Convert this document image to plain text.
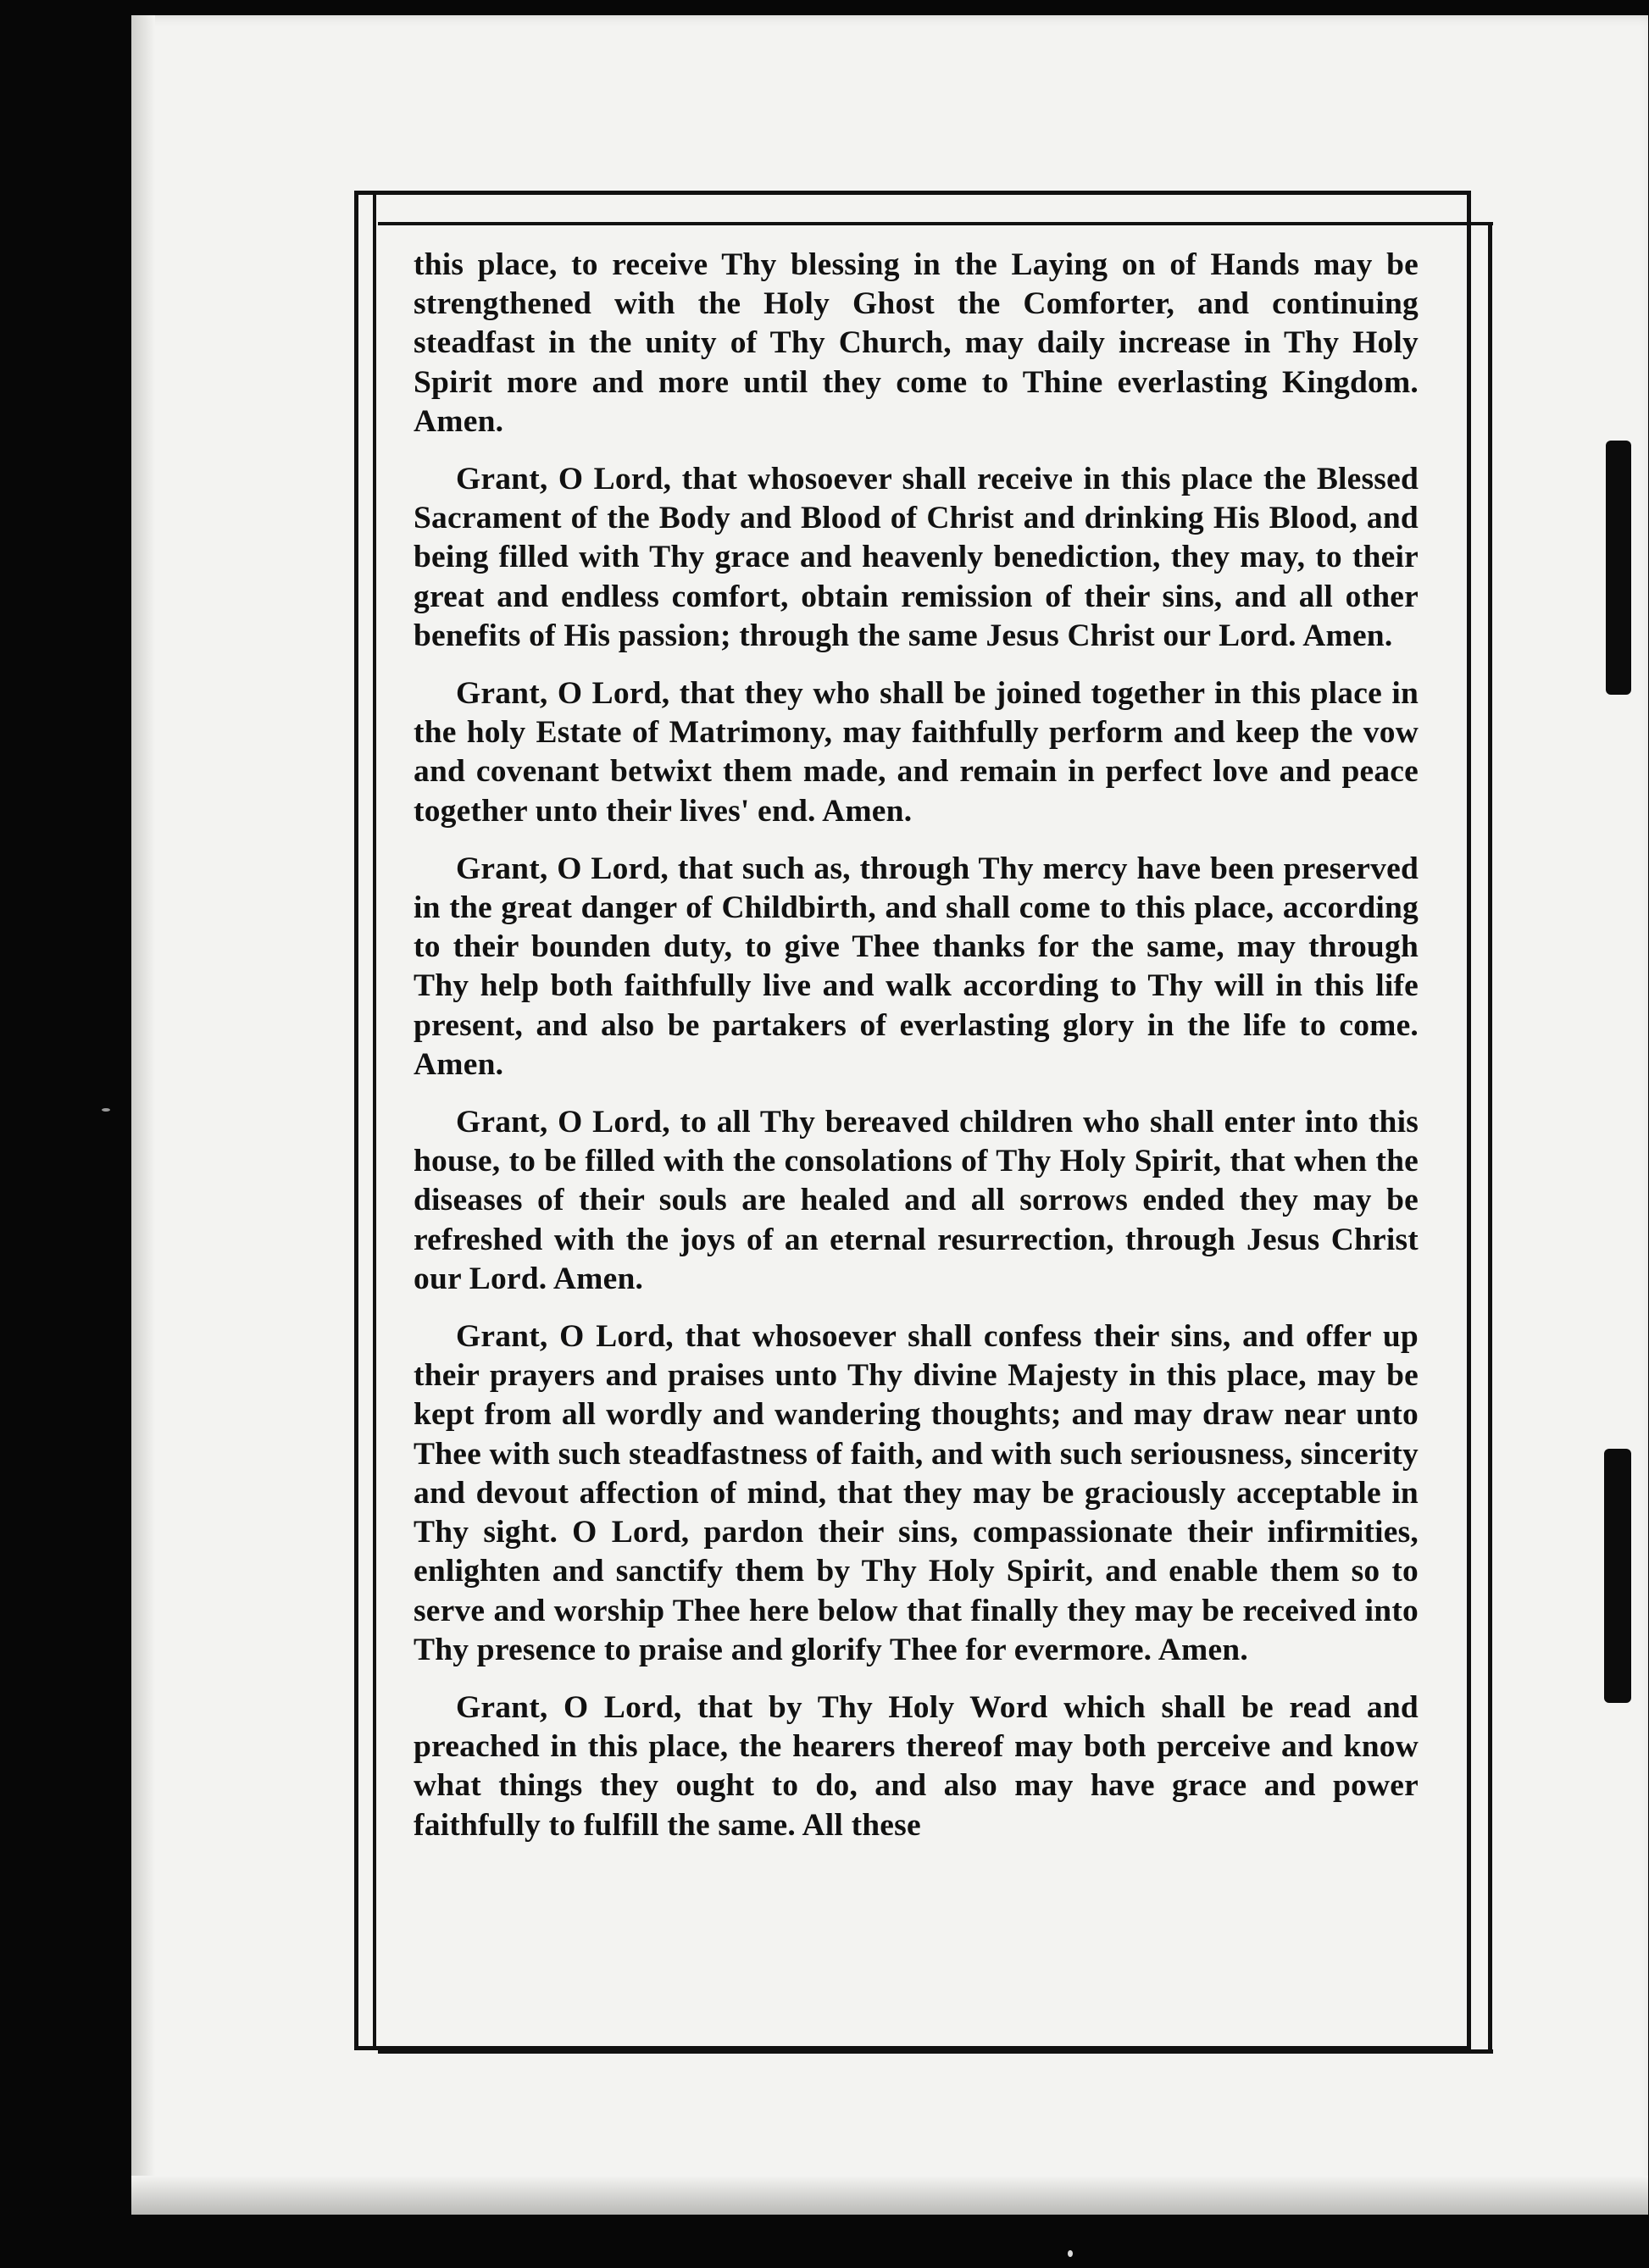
this place, to receive Thy blessing in the Laying on of Hands may be strengthened with the Holy Ghost the Comforter, and continuing steadfast in the unity of Thy Church, may daily increase in Thy Holy Spirit more and more until they come to Thine everlasting Kingdom. Amen.

Grant, O Lord, that whosoever shall receive in this place the Blessed Sacrament of the Body and Blood of Christ and drinking His Blood, and being filled with Thy grace and heavenly benediction, they may, to their great and endless comfort, obtain remission of their sins, and all other benefits of His passion; through the same Jesus Christ our Lord. Amen.

Grant, O Lord, that they who shall be joined together in this place in the holy Estate of Matrimony, may faithfully perform and keep the vow and covenant betwixt them made, and remain in perfect love and peace together unto their lives' end. Amen.

Grant, O Lord, that such as, through Thy mercy have been preserved in the great danger of Childbirth, and shall come to this place, according to their bounden duty, to give Thee thanks for the same, may through Thy help both faithfully live and walk according to Thy will in this life present, and also be partakers of everlasting glory in the life to come. Amen.

Grant, O Lord, to all Thy bereaved children who shall enter into this house, to be filled with the consolations of Thy Holy Spirit, that when the diseases of their souls are healed and all sorrows ended they may be refreshed with the joys of an eternal resurrection, through Jesus Christ our Lord. Amen.

Grant, O Lord, that whosoever shall confess their sins, and offer up their prayers and praises unto Thy divine Majesty in this place, may be kept from all wordly and wandering thoughts; and may draw near unto Thee with such steadfastness of faith, and with such seriousness, sincerity and devout affection of mind, that they may be graciously acceptable in Thy sight. O Lord, pardon their sins, compassionate their infirmities, enlighten and sanctify them by Thy Holy Spirit, and enable them so to serve and worship Thee here below that finally they may be received into Thy presence to praise and glorify Thee for evermore. Amen.

Grant, O Lord, that by Thy Holy Word which shall be read and preached in this place, the hearers thereof may both perceive and know what things they ought to do, and also may have grace and power faithfully to fulfill the same. All these
